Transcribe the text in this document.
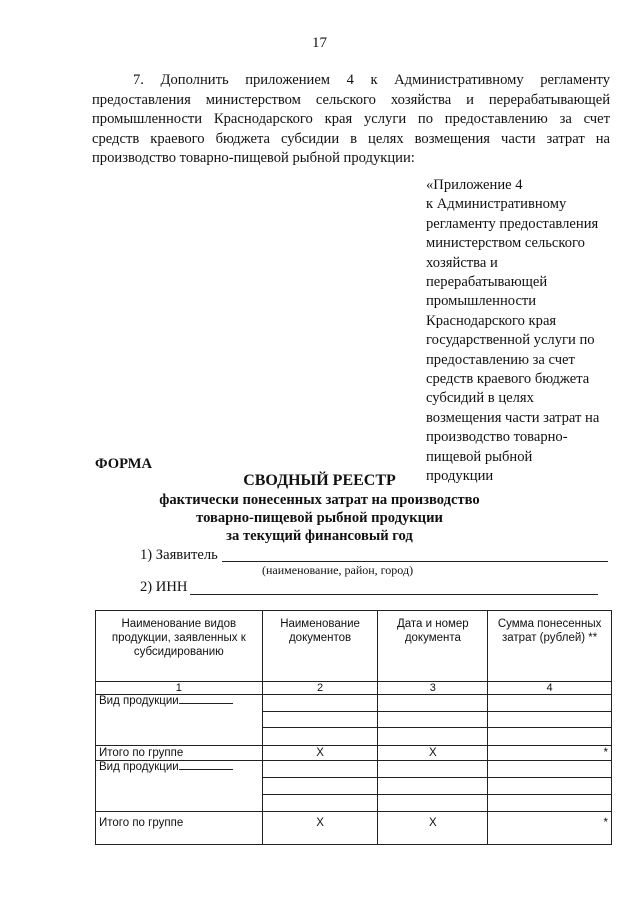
17
7. Дополнить приложением 4 к Административному регламенту
предоставления министерством сельского хозяйства и перерабатывающей
промышленности Краснодарского края услуги по предоставлению за счет
средств краевого бюджета субсидии в целях возмещения части затрат на
производство товарно-пищевой рыбной продукции:
«Приложение 4
к Административному
регламенту предоставления
министерством сельского
хозяйства и
перерабатывающей
промышленности
Краснодарского края
государственной услуги по
предоставлению за счет
средств краевого бюджета
субсидий в целях
возмещения части затрат на
производство товарно-
пищевой рыбной
продукции
ФОРМА
СВОДНЫЙ РЕЕСТР
фактически понесенных затрат на производство
товарно-пищевой рыбной продукции
за текущий финансовый год
1) Заявитель
(наименование, район, город)
2) ИНН
Наименование видов продукции, заявленных к субсидированию	Наименование документов	Дата и номер документа	Сумма понесенных затрат (рублей) **
1	2	3	4
Вид продукции			

Итого по группе	X	X	*
Вид продукции			

Итого по группе	X	X	*
